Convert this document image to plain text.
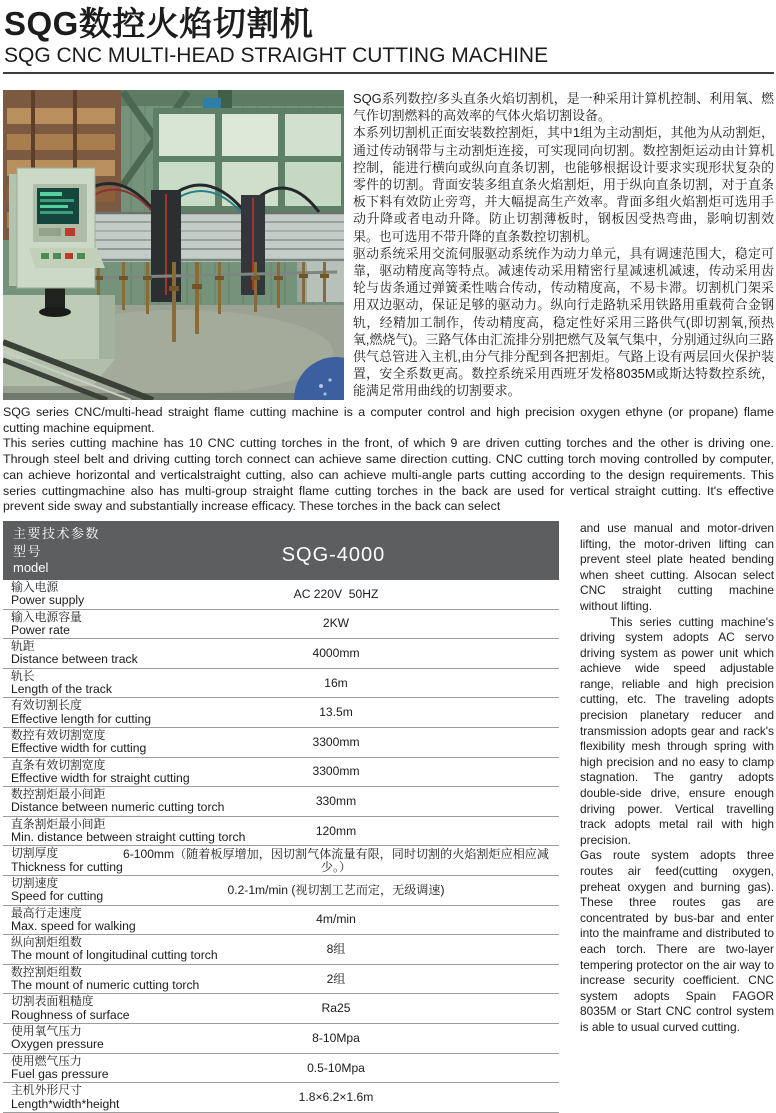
SQG数控火焰切割机
SQG CNC MULTI-HEAD STRAIGHT CUTTING MACHINE

SQG系列数控/多头直条火焰切割机，是一种采用计算机控制、利用氧、燃气作切割燃料的高效率的气体火焰切割设备。

本系列切割机正面安装数控割炬，其中1组为主动割炬，其他为从动割炬，通过传动钢带与主动割炬连接，可实现同向切割。数控割炬运动由计算机控制，能进行横向或纵向直条切割，也能够根据设计要求实现形状复杂的零件的切割。背面安装多组直条火焰割炬，用于纵向直条切割，对于直条板下料有效防止旁弯，并大幅提高生产效率。背面多组火焰割炬可选用手动升降或者电动升降。防止切割薄板时，钢板因受热弯曲，影响切割效果。也可选用不带升降的直条数控切割机。

驱动系统采用交流伺服驱动系统作为动力单元，具有调速范围大，稳定可靠，驱动精度高等特点。减速传动采用精密行星减速机减速，传动采用齿轮与齿条通过弹簧柔性啮合传动，传动精度高，不易卡滞。切割机门架采用双边驱动，保证足够的驱动力。纵向行走路轨采用铁路用重载荷合金钢轨，经精加工制作，传动精度高，稳定性好采用三路供气(即切割氧,预热氧,燃烧气)。三路气体由汇流排分别把燃气及氧气集中，分别通过纵向三路供气总管进入主机,由分气排分配到各把割炬。气路上设有两层回火保护装置，安全系数更高。数控系统采用西班牙发格8035M或斯达特数控系统，能满足常用曲线的切割要求。

SQG series CNC/multi-head straight flame cutting machine is a computer control and high precision oxygen ethyne (or propane) flame cutting machine equipment.

This series cutting machine has 10 CNC cutting torches in the front, of which 9 are driven cutting torches and the other is driving one. Through steel belt and driving cutting torch connect can achieve same direction cutting. CNC cutting torch moving controlled by computer, can achieve horizontal and verticalstraight cutting, also can achieve multi-angle parts cutting according to the design requirements. This series cuttingmachine also has multi-group straight flame cutting torches in the back are used for vertical straight cutting. It's effective prevent side sway and substantially increase efficacy. These torches in the back can select

主要技术参数
型号
model
SQG-4000
输入电源
Power supply	AC 220V  50HZ
输入电源容量
Power rate	2KW
轨距
Distance between track	4000mm
轨长
Length of the track	16m
有效切割长度
Effective length for cutting	13.5m
数控有效切割宽度
Effective width for cutting	3300mm
直条有效切割宽度
Effective width for straight cutting	3300mm
数控割炬最小间距
Distance between numeric cutting torch	330mm
直条割炬最小间距
Min. distance between straight cutting torch	120mm
切割厚度
Thickness for cutting
6-100mm（随着板厚增加，因切割气体流量有限，同时切割的火焰割炬应相应减少。）
切割速度
Speed for cutting	0.2-1m/min (视切割工艺而定，无级调速)
最高行走速度
Max. speed for walking	4m/min
纵向割炬组数
The mount of longitudinal cutting torch	8组
数控割炬组数
The mount of numeric cutting torch	2组
切割表面粗糙度
Roughness of surface	Ra25
使用氧气压力
Oxygen pressure	8-10Mpa
使用燃气压力
Fuel gas pressure	0.5-10Mpa
主机外形尺寸
Length*width*height	1.8×6.2×1.6m

and use manual and motor-driven lifting, the motor-driven lifting can prevent steel plate heated bending when sheet cutting. Alsocan select CNC straight cutting machine without lifting.

This series cutting machine's driving system adopts AC servo driving system as power unit which achieve wide speed adjustable range, reliable and high precision cutting, etc. The traveling adopts precision planetary reducer and transmission adopts gear and rack's flexibility mesh through spring with high precision and no easy to clamp stagnation. The gantry adopts double-side drive, ensure enough driving power. Vertical travelling track adopts metal rail with high precision.

Gas route system adopts three routes air feed(cutting oxygen, preheat oxygen and burning gas). These three routes gas are concentrated by bus-bar and enter into the mainframe and distributed to each torch. There are two-layer tempering protector on the air way to increase security coefficient. CNC system adopts Spain FAGOR 8035M or Start CNC control system is able to usual curved cutting.
